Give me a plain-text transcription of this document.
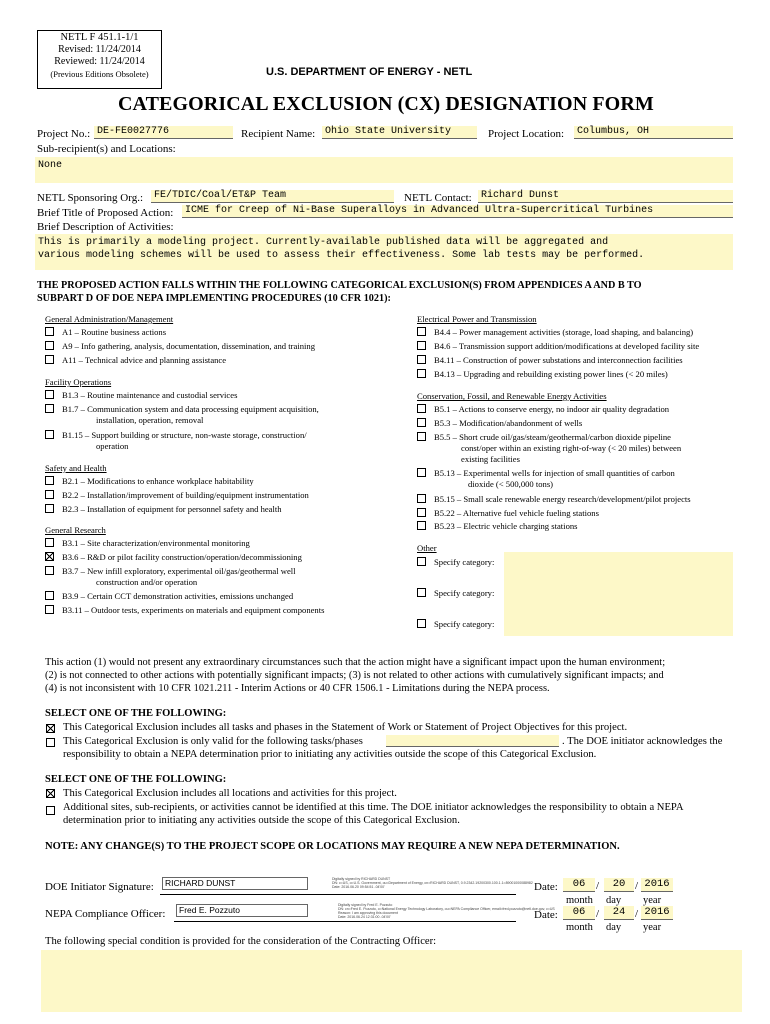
NETL F 451.1-1/1
Revised: 11/24/2014
Reviewed: 11/24/2014
(Previous Editions Obsolete)	U.S. DEPARTMENT OF ENERGY - NETL
CATEGORICAL EXCLUSION (CX) DESIGNATION FORM
Project No.: DE-FE0027776	Recipient Name: Ohio State University	Project Location:	Columbus, OH
Sub-recipient(s) and Locations:
None
NETL Sponsoring Org.:	FE/TDIC/Coal/ET&P Team	NETL Contact: Richard Dunst
Brief Title of Proposed Action:	ICME for Creep of Ni-Base Superalloys in Advanced Ultra-Supercritical Turbines
Brief Description of Activities:
This is primarily a modeling project. Currently-available published data will be aggregated and
various modeling schemes will be used to assess their effectiveness. Some lab tests may be performed.
THE PROPOSED ACTION FALLS WITHIN THE FOLLOWING CATEGORICAL EXCLUSION(S) FROM APPENDICES A AND B TO
SUBPART D OF DOE NEPA IMPLEMENTING PROCEDURES (10 CFR 1021):
General Administration/Management
A1 – Routine business actions
A9 – Info gathering, analysis, documentation, dissemination, and training
A11 – Technical advice and planning assistance
Facility Operations
B1.3 – Routine maintenance and custodial services
B1.7 – Communication system and data processing equipment acquisition,
installation, operation, removal
B1.15 – Support building or structure, non-waste storage, construction/
operation
Safety and Health
B2.1 – Modifications to enhance workplace habitability
B2.2 – Installation/improvement of building/equipment instrumentation
B2.3 – Installation of equipment for personnel safety and health
General Research
B3.1 – Site characterization/environmental monitoring
B3.6 – R&D or pilot facility construction/operation/decommissioning
B3.7 – New infill exploratory, experimental oil/gas/geothermal well
construction and/or operation
B3.9 – Certain CCT demonstration activities, emissions unchanged
B3.11 – Outdoor tests, experiments on materials and equipment components
Electrical Power and Transmission
B4.4 – Power management activities (storage, load shaping, and balancing)
B4.6 – Transmission support addition/modifications at developed facility site
B4.11 – Construction of power substations and interconnection facilities
B4.13 – Upgrading and rebuilding existing power lines (< 20 miles)
Conservation, Fossil, and Renewable Energy Activities
B5.1 – Actions to conserve energy, no indoor air quality degradation
B5.3 – Modification/abandonment of wells
B5.5 – Short crude oil/gas/steam/geothermal/carbon dioxide pipeline
const/oper within an existing right-of-way (< 20 miles) between
existing facilities
B5.13 – Experimental wells for injection of small quantities of carbon
dioxide (< 500,000 tons)
B5.15 – Small scale renewable energy research/development/pilot projects
B5.22 – Alternative fuel vehicle fueling stations
B5.23 – Electric vehicle charging stations
Other
Specify category:
Specify category:
Specify category:
This action (1) would not present any extraordinary circumstances such that the action might have a significant impact upon the human environment;
(2) is not connected to other actions with potentially significant impacts; (3) is not related to other actions with cumulatively significant impacts; and
(4) is not inconsistent with 10 CFR 1021.211 - Interim Actions or 40 CFR 1506.1 - Limitations during the NEPA process.
SELECT ONE OF THE FOLLOWING:
This Categorical Exclusion includes all tasks and phases in the Statement of Work or Statement of Project Objectives for this project.
This Categorical Exclusion is only valid for the following tasks/phases	. The DOE initiator acknowledges the
responsibility to obtain a NEPA determination prior to initiating any activities outside the scope of this Categorical Exclusion.
SELECT ONE OF THE FOLLOWING:
This Categorical Exclusion includes all locations and activities for this project.
Additional sites, sub-recipients, or activities cannot be identified at this time. The DOE initiator acknowledges the responsibility to obtain a NEPA
determination prior to initiating any activities outside the scope of this Categorical Exclusion.
NOTE: ANY CHANGE(S) TO THE PROJECT SCOPE OR LOCATIONS MAY REQUIRE A NEW NEPA DETERMINATION.
DOE Initiator Signature:	RICHARD DUNST	Digitally signed by RICHARD DUNST
DN: c=US, o=U.S. Government, ou=Department of Energy, cn=RICHARD DUNST, 0.9.2342.19200300.100.1.1=89001000088982
Date: 2016.06.20 09:54:51 -04'00'	Date:	06 /	20 / 2016
month day year
NEPA Compliance Officer:	Fred E. Pozzuto	Digitally signed by Fred E. Pozzuto
DN: cn=Fred E. Pozzuto, o=National Energy Technology Laboratory, ou=NEPA Compliance Officer, email=fred.pozzuto@netl.doe.gov, c=US
Reason: I am approving this document
Date: 2016.06.24 12:31:00 -04'00'	Date:	06 /	24 / 2016
month day year
The following special condition is provided for the consideration of the Contracting Officer:
